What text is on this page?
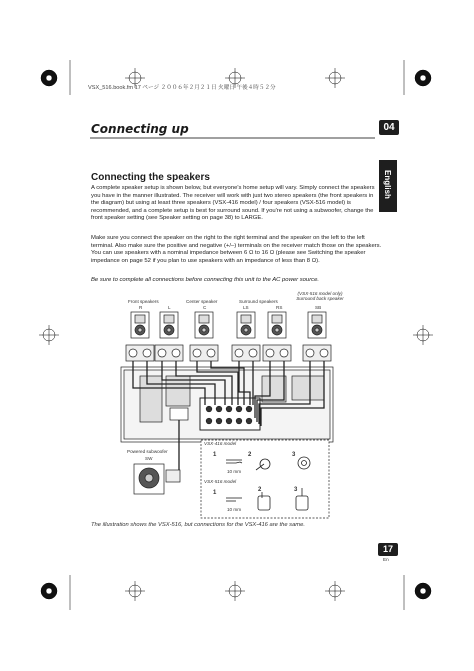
VSX_516.book.fm 17 ページ ２００６年２月２１日 火曜日 午後４時５２分
Connecting up	04
English
Connecting the speakers
A complete speaker setup is shown below, but everyone's home setup will vary. Simply connect the speakers you have in the manner illustrated. The receiver will work with just two stereo speakers (the front speakers in the diagram) but using at least three speakers (VSX-416 model) / four speakers (VSX-516 model) is recommended, and a complete setup is best for surround sound. If you're not using a subwoofer, change the front speaker setting (see Speaker setting on page 38) to LARGE.
Make sure you connect the speaker on the right to the right terminal and the speaker on the left to the left terminal. Also make sure the positive and negative (+/–) terminals on the receiver match those on the speakers. You can use speakers with a nominal impedance between 6 Ω to 16 Ω (please see Switching the speaker impedance on page 52 if you plan to use speakers with an impedance of less than 8 Ω).
Be sure to complete all connections before connecting this unit to the AC power source.
Front speakers	Center speaker	Surround speakers
(VSX-516 model only)
Surround back speaker
R	L	C	LS	RS	SB
Powered subwoofer
SW
VSX-416 model
VSX-516 model
1	2	3
10 mm
1	2	3
10 mm
The illustration shows the VSX-516, but connections for the VSX-416 are the same.
17
En
